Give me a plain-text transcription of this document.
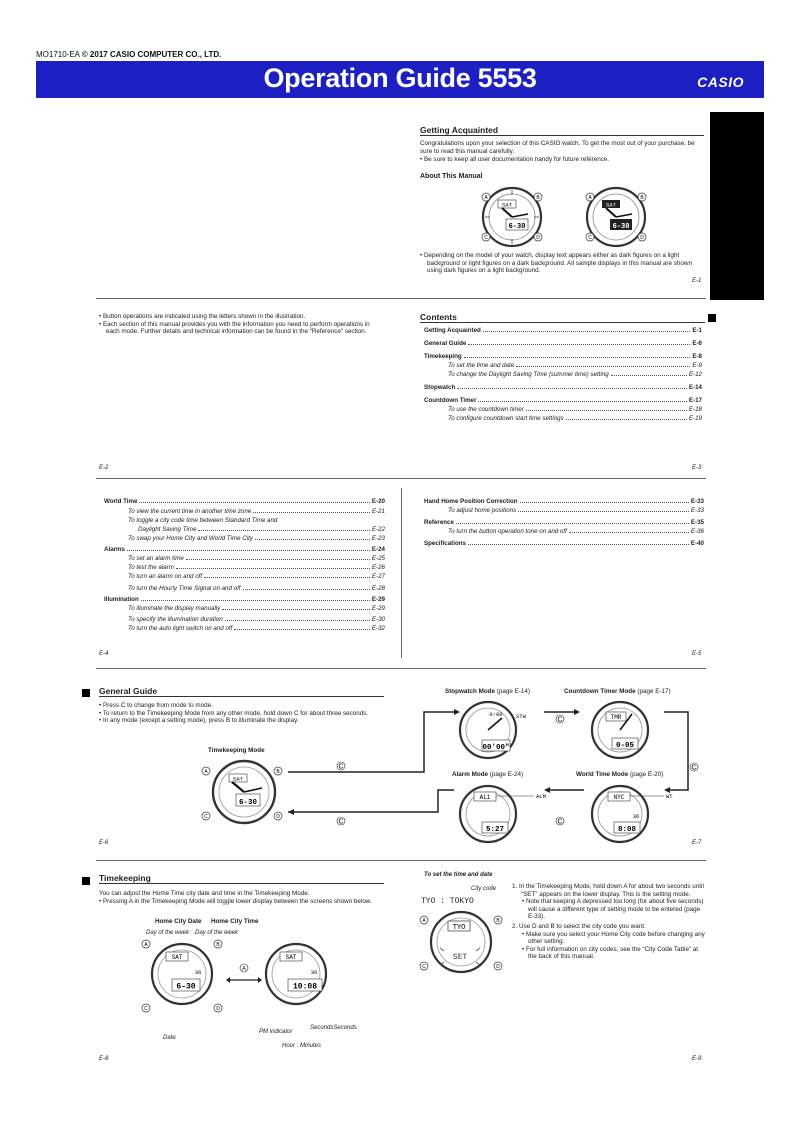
MO1710-EA © 2017 CASIO COMPUTER CO., LTD.
Operation Guide 5553	CASIO
Getting Acquainted
Congratulations upon your selection of this CASIO watch. To get the most out of your purchase, be sure to read this manual carefully.
• Be sure to keep all user documentation handy for future reference.
About This Manual
A	B
C	D
SAT
6-30
A	B
C	D
SAT
6-30
• Depending on the model of your watch, display text appears either as dark figures on a light background or light figures on a dark background. All sample displays in this manual are shown using dark figures on a light background.
E-1
• Button operations are indicated using the letters shown in the illustration.
• Each section of this manual provides you with the information you need to perform operations in each mode. Further details and technical information can be found in the “Reference” section.
E-2
Contents
Getting Acquainted	E-1
General Guide	E-6
Timekeeping	E-8
To set the time and date	E-9
To change the Daylight Saving Time (summer time) setting	E-12
Stopwatch	E-14
Countdown Timer	E-17
To use the countdown timer	E-18
To configure countdown start time settings	E-19
E-3
World Time	E-20
To view the current time in another time zone	E-21
To toggle a city code time between Standard Time and
Daylight Saving Time	E-22
To swap your Home City and World Time City	E-23
Alarms	E-24
To set an alarm time	E-25
To test the alarm	E-26
To turn an alarm on and off	E-27
To turn the Hourly Time Signal on and off	E-28
Illumination	E-29
To illuminate the display manually	E-29
To specify the illumination duration	E-30
To turn the auto light switch on and off	E-32
E-4
Hand Home Position Correction	E-33
To adjust home positions	E-33
Reference	E-35
To turn the button operation tone on and off	E-36
Specifications	E-40
E-5
General Guide
• Press C to change from mode to mode.
• To return to the Timekeeping Mode from any other mode, hold down C for about three seconds.
• In any mode (except a setting mode), press B to illuminate the display.
Timekeeping Mode
A	B
C	D
SAT
6-30
C
C
C
C
C
E-6
Stopwatch Mode (page E-14)	Countdown Timer Mode (page E-17)
Alarm Mode (page E-24)	World Time Mode (page E-20)
00'00"
0:00 STW	TMR
0-05
AL1	ALM
5:27
NYC	WT
36
8:08
E-7
Timekeeping
You can adjust the Home Time city date and time in the Timekeeping Mode.
• Pressing A in the Timekeeping Mode will toggle lower display between the screens shown below.
Home City Date Home City Time
Day of the week Day of the week
SAT
36
6-30
A	B
C	D
A
SAT
36
10:08
PM indicator
SecondsSeconds
Date
Hour : Minutes
E-8
To set the time and date
City code
TYO : TOKYO
TYO
SET
A	B
C	D
1. In the Timekeeping Mode, hold down A for about two seconds until “SET” appears on the lower display. This is the setting mode.
• Note that keeping A depressed too long (for about five seconds) will cause a different type of setting mode to be entered (page E-33).
2. Use D and B to select the city code you want.
• Make sure you select your Home City code before changing any other setting.
• For full information on city codes, see the “City Code Table” at the back of this manual.
E-9
